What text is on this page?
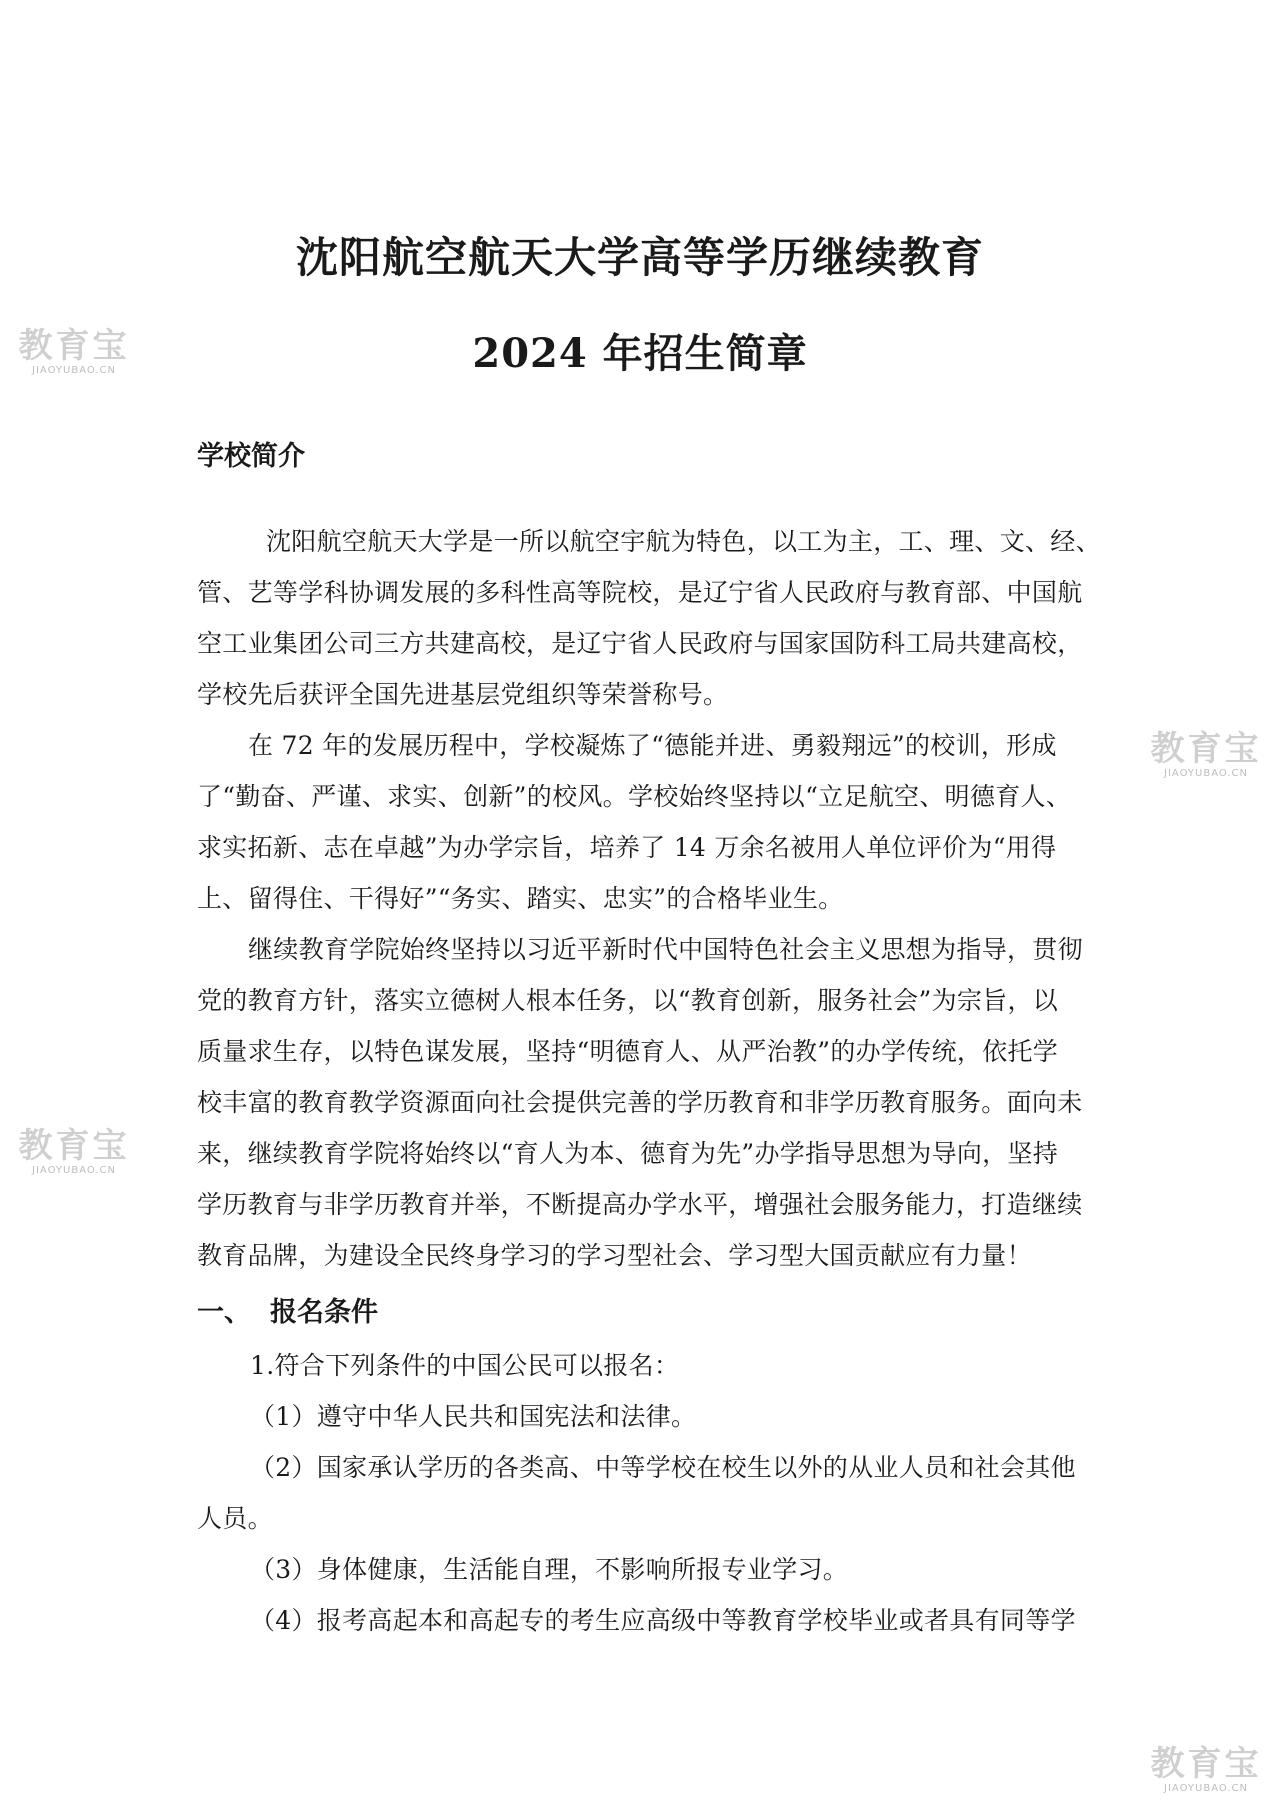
沈阳航空航天大学高等学历继续教育
2024 年招生简章
学校简介
沈阳航空航天大学是一所以航空宇航为特色，以工为主，工、理、文、经、
管、艺等学科协调发展的多科性高等院校，是辽宁省人民政府与教育部、中国航
空工业集团公司三方共建高校，是辽宁省人民政府与国家国防科工局共建高校，
学校先后获评全国先进基层党组织等荣誉称号。
在 72 年的发展历程中，学校凝炼了“德能并进、勇毅翔远”的校训，形成
了“勤奋、严谨、求实、创新”的校风。学校始终坚持以“立足航空、明德育人、
求实拓新、志在卓越”为办学宗旨，培养了 14 万余名被用人单位评价为“用得
上、留得住、干得好”“务实、踏实、忠实”的合格毕业生。
继续教育学院始终坚持以习近平新时代中国特色社会主义思想为指导，贯彻
党的教育方针，落实立德树人根本任务，以“教育创新，服务社会”为宗旨，以
质量求生存，以特色谋发展，坚持“明德育人、从严治教”的办学传统，依托学
校丰富的教育教学资源面向社会提供完善的学历教育和非学历教育服务。面向未
来，继续教育学院将始终以“育人为本、德育为先”办学指导思想为导向，坚持
学历教育与非学历教育并举，不断提高办学水平，增强社会服务能力，打造继续
教育品牌，为建设全民终身学习的学习型社会、学习型大国贡献应有力量！
一、 报名条件
1.符合下列条件的中国公民可以报名：
（1）遵守中华人民共和国宪法和法律。
（2）国家承认学历的各类高、中等学校在校生以外的从业人员和社会其他
人员。
（3）身体健康，生活能自理，不影响所报专业学习。
（4）报考高起本和高起专的考生应高级中等教育学校毕业或者具有同等学
教育宝
JIAOYUBAO.CN
教育宝
JIAOYUBAO.CN
教育宝
JIAOYUBAO.CN
教育宝
JIAOYUBAO.CN
